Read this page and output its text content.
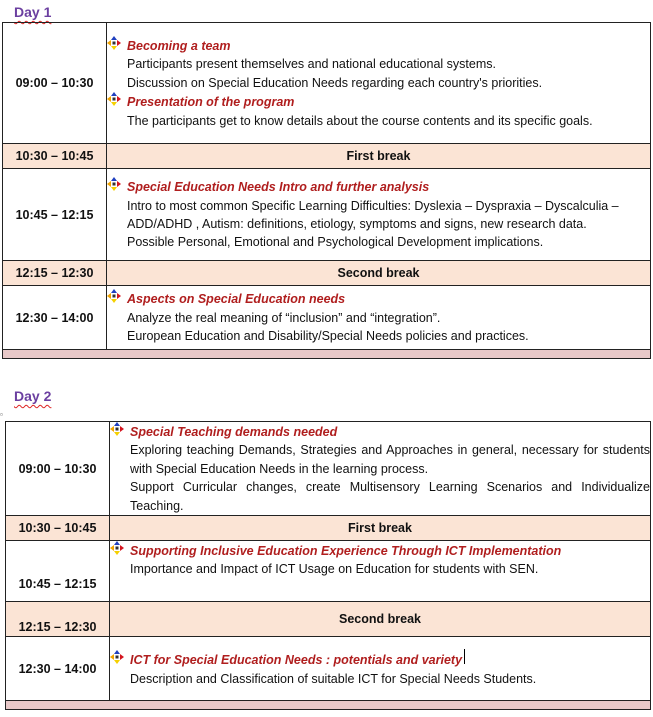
Day 1
09:00 – 10:30	Becoming a team
Participants present themselves and national educational systems.
Discussion on Special Education Needs regarding each country's priorities.
Presentation of the program
The participants get to know details about the course contents and its specific goals.

10:30 – 10:45	First break
10:45 – 12:15	Special Education Needs Intro and further analysis
Intro to most common Specific Learning Difficulties: Dyslexia – Dyspraxia – Dyscalculia – ADD/ADHD , Autism: definitions, etiology, symptoms and signs, new research data.
Possible Personal, Emotional and Psychological Development implications.

12:15 – 12:30	Second break
12:30 – 14:00	Aspects on Special Education needs
Analyze the real meaning of “inclusion” and “integration”.
European Education and Disability/Special Needs policies and practices.

▫
Day 2
09:00 – 10:30	Special Teaching demands needed
Exploring teaching Demands, Strategies and Approaches in general, necessary for students with Special Education Needs in the learning process.
Support Curricular changes, create Multisensory Learning Scenarios and Individualize Teaching.

10:30 – 10:45	First break
10:45 – 12:15	Supporting Inclusive Education Experience Through ICT Implementation
Importance and Impact of ICT Usage on Education for students with SEN.

12:15 – 12:30	Second break
12:30 – 14:00	ICT for Special Education Needs : potentials and variety
Description and Classification of suitable ICT for Special Needs Students.
